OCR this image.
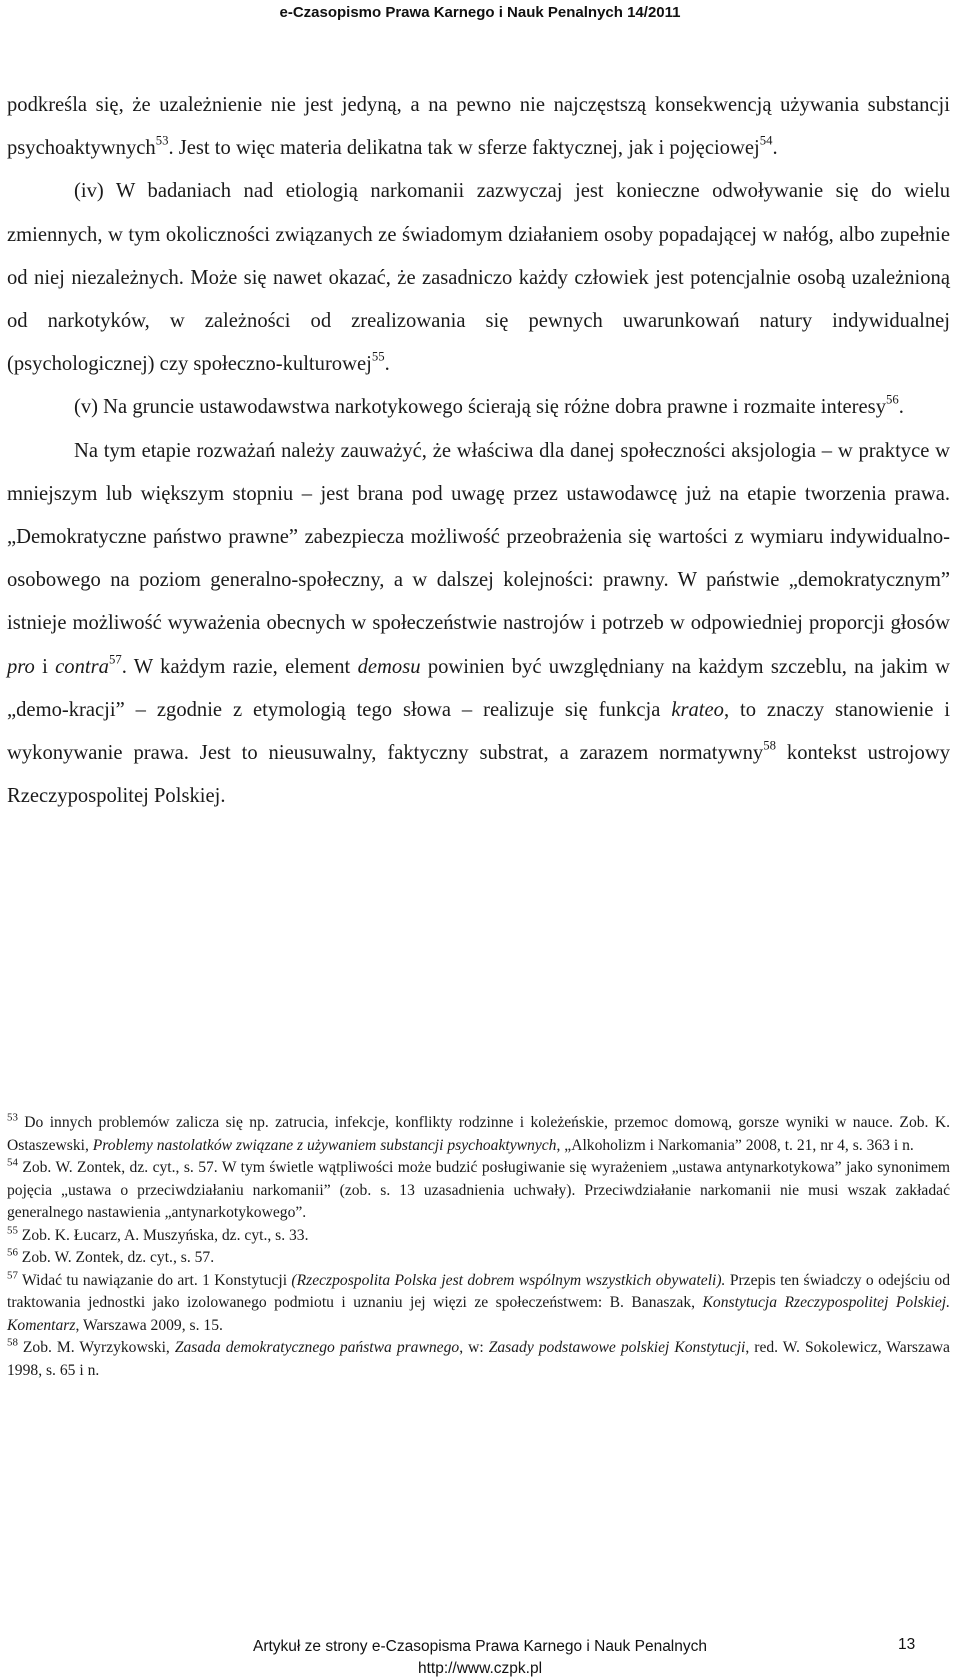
e-Czasopismo Prawa Karnego i Nauk Penalnych 14/2011

podkreśla się, że uzależnienie nie jest jedyną, a na pewno nie najczęstszą konsekwencją używania substancji psychoaktywnych$^{53}$. Jest to więc materia delikatna tak w sferze faktycznej, jak i pojęciowej$^{54}$.

(iv) W badaniach nad etiologią narkomanii zazwyczaj jest konieczne odwoływanie się do wielu zmiennych, w tym okoliczności związanych ze świadomym działaniem osoby popadającej w nałóg, albo zupełnie od niej niezależnych. Może się nawet okazać, że zasadniczo każdy człowiek jest potencjalnie osobą uzależnioną od narkotyków, w zależności od zrealizowania się pewnych uwarunkowań natury indywidualnej (psychologicznej) czy społeczno-kulturowej$^{55}$.

(v) Na gruncie ustawodawstwa narkotykowego ścierają się różne dobra prawne i rozmaite interesy$^{56}$.

Na tym etapie rozważań należy zauważyć, że właściwa dla danej społeczności aksjologia – w praktyce w mniejszym lub większym stopniu – jest brana pod uwagę przez ustawodawcę już na etapie tworzenia prawa. „Demokratyczne państwo prawne” zabezpiecza możliwość przeobrażenia się wartości z wymiaru indywidualno-osobowego na poziom generalno-społeczny, a w dalszej kolejności: prawny. W państwie „demokratycznym” istnieje możliwość wyważenia obecnych w społeczeństwie nastrojów i potrzeb w odpowiedniej proporcji głosów pro i contra$^{57}$. W każdym razie, element demosu powinien być uwzględniany na każdym szczeblu, na jakim w „demo-kracji” – zgodnie z etymologią tego słowa – realizuje się funkcja krateo, to znaczy stanowienie i wykonywanie prawa. Jest to nieusuwalny, faktyczny substrat, a zarazem normatywny$^{58}$ kontekst ustrojowy Rzeczypospolitej Polskiej.

$^{53}$ Do innych problemów zalicza się np. zatrucia, infekcje, konflikty rodzinne i koleżeńskie, przemoc domową, gorsze wyniki w nauce. Zob. K. Ostaszewski, Problemy nastolatków związane z używaniem substancji psychoaktywnych, „Alkoholizm i Narkomania” 2008, t. 21, nr 4, s. 363 i n.

$^{54}$ Zob. W. Zontek, dz. cyt., s. 57. W tym świetle wątpliwości może budzić posługiwanie się wyrażeniem „ustawa antynarkotykowa” jako synonimem pojęcia „ustawa o przeciwdziałaniu narkomanii” (zob. s. 13 uzasadnienia uchwały). Przeciwdziałanie narkomanii nie musi wszak zakładać generalnego nastawienia „antynarkotykowego”.

$^{55}$ Zob. K. Łucarz, A. Muszyńska, dz. cyt., s. 33.

$^{56}$ Zob. W. Zontek, dz. cyt., s. 57.

$^{57}$ Widać tu nawiązanie do art. 1 Konstytucji (Rzeczpospolita Polska jest dobrem wspólnym wszystkich obywateli). Przepis ten świadczy o odejściu od traktowania jednostki jako izolowanego podmiotu i uznaniu jej więzi ze społeczeństwem: B. Banaszak, Konstytucja Rzeczypospolitej Polskiej. Komentarz, Warszawa 2009, s. 15.

$^{58}$ Zob. M. Wyrzykowski, Zasada demokratycznego państwa prawnego, w: Zasady podstawowe polskiej Konstytucji, red. W. Sokolewicz, Warszawa 1998, s. 65 i n.

Artykuł ze strony e-Czasopisma Prawa Karnego i Nauk Penalnych
http://www.czpk.pl
13
